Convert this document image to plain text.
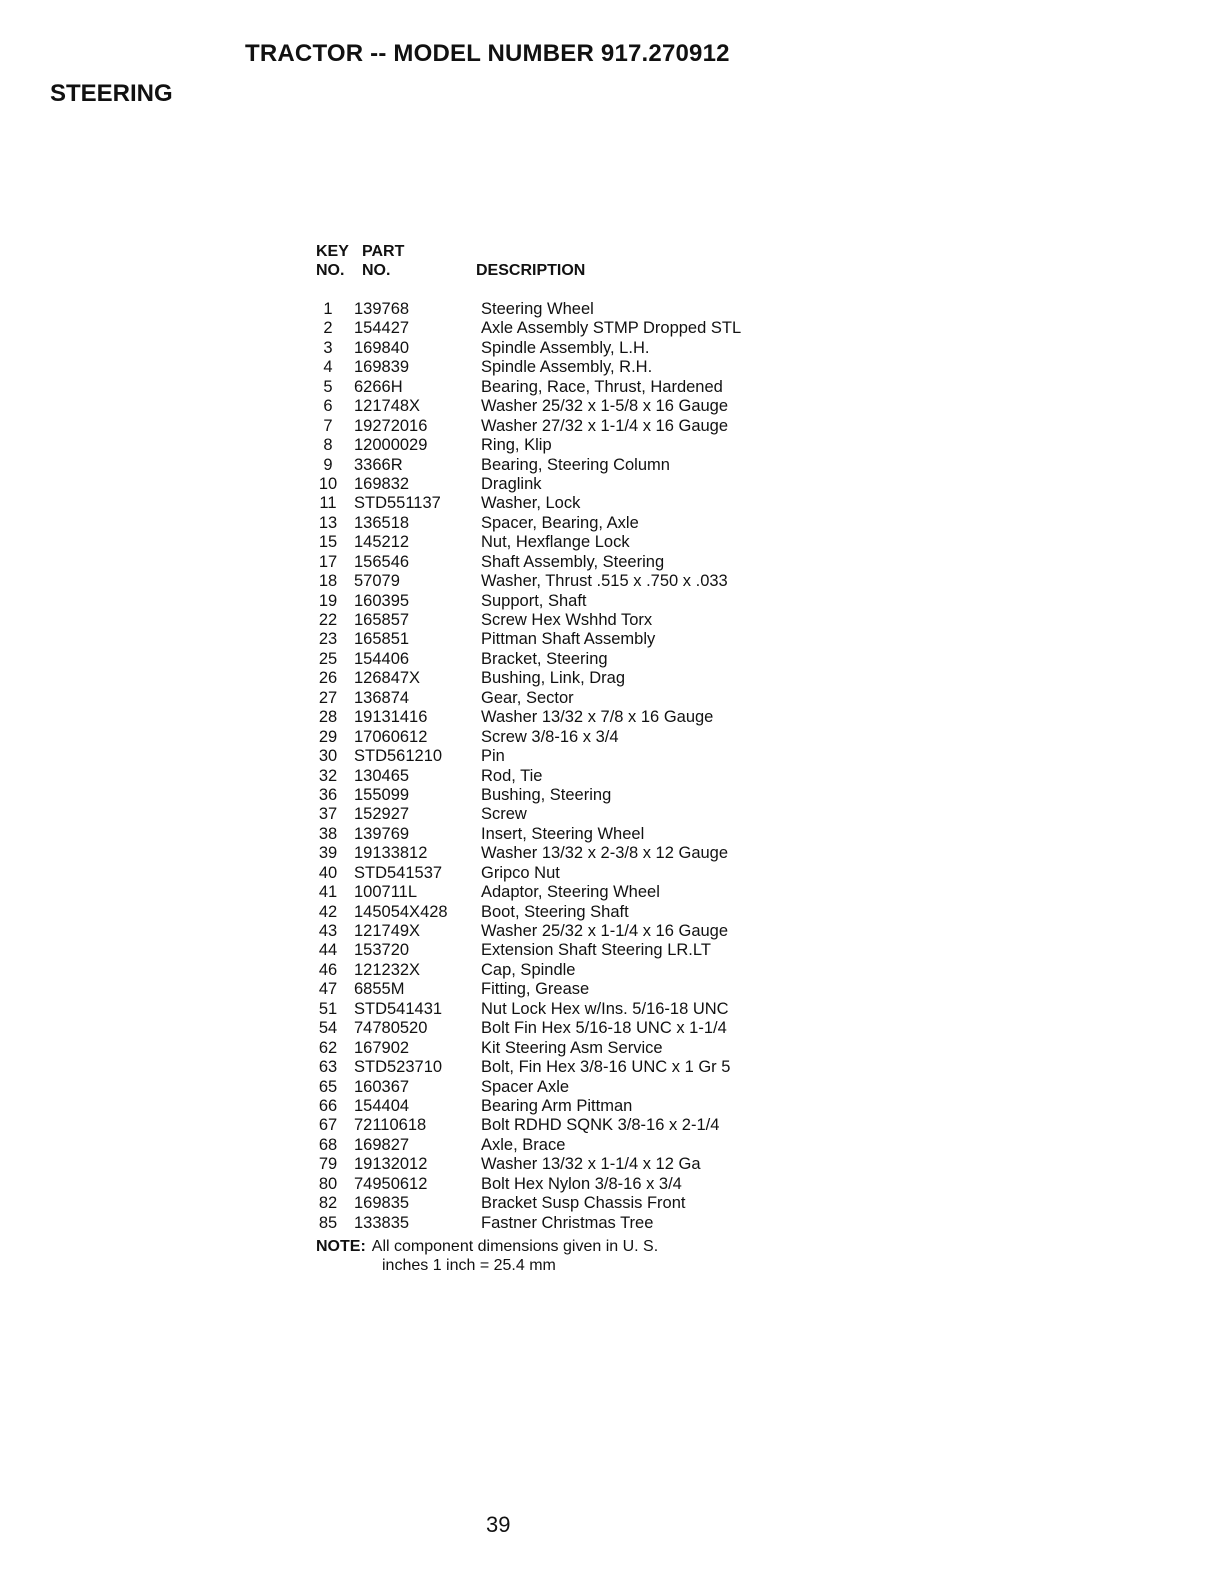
TRACTOR -- MODEL NUMBER 917.270912
STEERING
KEY PART
NO. NO.	DESCRIPTION
1	139768	Steering Wheel
2	154427	Axle Assembly STMP Dropped STL
3	169840	Spindle Assembly, L.H.
4	169839	Spindle Assembly, R.H.
5	6266H	Bearing, Race, Thrust, Hardened
6	121748X	Washer 25/32 x 1-5/8 x 16 Gauge
7	19272016	Washer 27/32 x 1-1/4 x 16 Gauge
8	12000029	Ring, Klip
9	3366R	Bearing, Steering Column
10 169832	Draglink
11 STD551137 Washer, Lock
13 136518	Spacer, Bearing, Axle
15 145212	Nut, Hexflange Lock
17 156546	Shaft Assembly, Steering
18 57079	Washer, Thrust .515 x .750 x .033
19 160395	Support, Shaft
22 165857	Screw Hex Wshhd Torx
23 165851	Pittman Shaft Assembly
25 154406	Bracket, Steering
26 126847X	Bushing, Link, Drag
27 136874	Gear, Sector
28 19131416	Washer 13/32 x 7/8 x 16 Gauge
29 17060612	Screw 3/8-16 x 3/4
30 STD561210 Pin
32 130465	Rod, Tie
36 155099	Bushing, Steering
37 152927	Screw
38 139769	Insert, Steering Wheel
39 19133812	Washer 13/32 x 2-3/8 x 12 Gauge
40 STD541537 Gripco Nut
41 100711L	Adaptor, Steering Wheel
42 145054X428 Boot, Steering Shaft
43 121749X	Washer 25/32 x 1-1/4 x 16 Gauge
44 153720	Extension Shaft Steering LR.LT
46 121232X	Cap, Spindle
47 6855M	Fitting, Grease
51 STD541431 Nut Lock Hex w/Ins. 5/16-18 UNC
54 74780520	Bolt Fin Hex 5/16-18 UNC x 1-1/4
62 167902	Kit Steering Asm Service
63 STD523710 Bolt, Fin Hex 3/8-16 UNC x 1 Gr 5
65 160367	Spacer Axle
66 154404	Bearing Arm Pittman
67 72110618	Bolt RDHD SQNK 3/8-16 x 2-1/4
68 169827	Axle, Brace
79 19132012	Washer 13/32 x 1-1/4 x 12 Ga
80 74950612	Bolt Hex Nylon 3/8-16 x 3/4
82 169835	Bracket Susp Chassis Front
85 133835	Fastner Christmas Tree
NOTE: All component dimensions given in U. S.
inches 1 inch = 25.4 mm
39
